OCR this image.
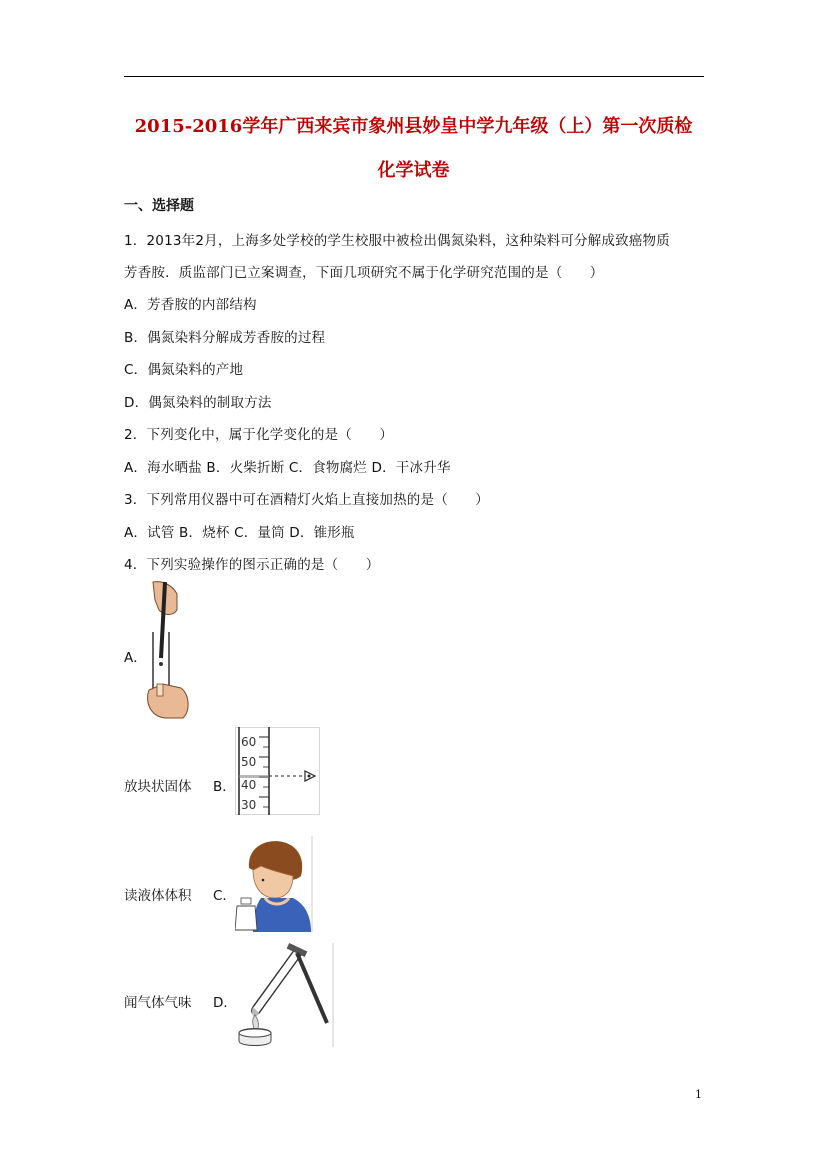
2015-2016学年广西来宾市象州县妙皇中学九年级（上）第一次质检
化学试卷
一、选择题
1．2013年2月，上海多处学校的学生校服中被检出偶氮染料，这种染料可分解成致癌物质
芳香胺．质监部门已立案调查，下面几项研究不属于化学研究范围的是（　　）
A．芳香胺的内部结构
B．偶氮染料分解成芳香胺的过程
C．偶氮染料的产地
D．偶氮染料的制取方法
2．下列变化中，属于化学变化的是（　　）
A．海水晒盐 B．火柴折断 C．食物腐烂 D．干冰升华
3．下列常用仪器中可在酒精灯火焰上直接加热的是（　　）
A．试管 B．烧杯 C．量筒 D．锥形瓶
4．下列实验操作的图示正确的是（　　）
A．
放块状固体 B．
60
50
40
30
读液体体积 C．
闻气体气味 D．
1
